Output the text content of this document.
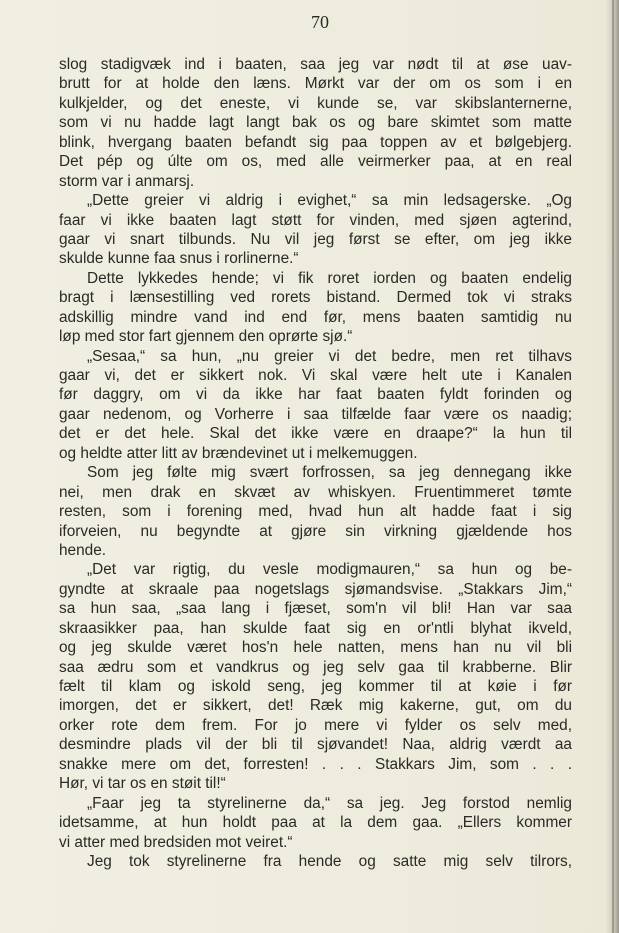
70
slog stadigvæk ind i baaten, saa jeg var nødt til at øse uav-
brutt for at holde den læns. Mørkt var der om os som i en
kulkjelder, og det eneste, vi kunde se, var skibslanternerne,
som vi nu hadde lagt langt bak os og bare skimtet som matte
blink, hvergang baaten befandt sig paa toppen av et bølgebjerg.
Det pép og últe om os, med alle veirmerker paa, at en real
storm var i anmarsj.
„Dette greier vi aldrig i evighet,“ sa min ledsagerske. „Og
faar vi ikke baaten lagt støtt for vinden, med sjøen agterind,
gaar vi snart tilbunds. Nu vil jeg først se efter, om jeg ikke
skulde kunne faa snus i rorlinerne.“
Dette lykkedes hende; vi fik roret iorden og baaten endelig
bragt i lænsestilling ved rorets bistand. Dermed tok vi straks
adskillig mindre vand ind end før, mens baaten samtidig nu
løp med stor fart gjennem den oprørte sjø.“
„Sesaa,“ sa hun, „nu greier vi det bedre, men ret tilhavs
gaar vi, det er sikkert nok. Vi skal være helt ute i Kanalen
før daggry, om vi da ikke har faat baaten fyldt forinden og
gaar nedenom, og Vorherre i saa tilfælde faar være os naadig;
det er det hele. Skal det ikke være en draape?“ la hun til
og heldte atter litt av brændevinet ut i melkemuggen.
Som jeg følte mig svært forfrossen, sa jeg dennegang ikke
nei, men drak en skvæt av whiskyen. Fruentimmeret tømte
resten, som i forening med, hvad hun alt hadde faat i sig
iforveien, nu begyndte at gjøre sin virkning gjældende hos
hende.
„Det var rigtig, du vesle modigmauren,“ sa hun og be-
gyndte at skraale paa nogetslags sjømandsvise. „Stakkars Jim,“
sa hun saa, „saa lang i fjæset, som'n vil bli! Han var saa
skraasikker paa, han skulde faat sig en or'ntli blyhat ikveld,
og jeg skulde været hos'n hele natten, mens han nu vil bli
saa ædru som et vandkrus og jeg selv gaa til krabberne. Blir
fælt til klam og iskold seng, jeg kommer til at køie i før
imorgen, det er sikkert, det! Ræk mig kakerne, gut, om du
orker rote dem frem. For jo mere vi fylder os selv med,
desmindre plads vil der bli til sjøvandet! Naa, aldrig værdt aa
snakke mere om det, forresten! . . . Stakkars Jim, som . . .
Hør, vi tar os en støit til!“
„Faar jeg ta styrelinerne da,“ sa jeg. Jeg forstod nemlig
idetsamme, at hun holdt paa at la dem gaa. „Ellers kommer
vi atter med bredsiden mot veiret.“
Jeg tok styrelinerne fra hende og satte mig selv tilrors,
